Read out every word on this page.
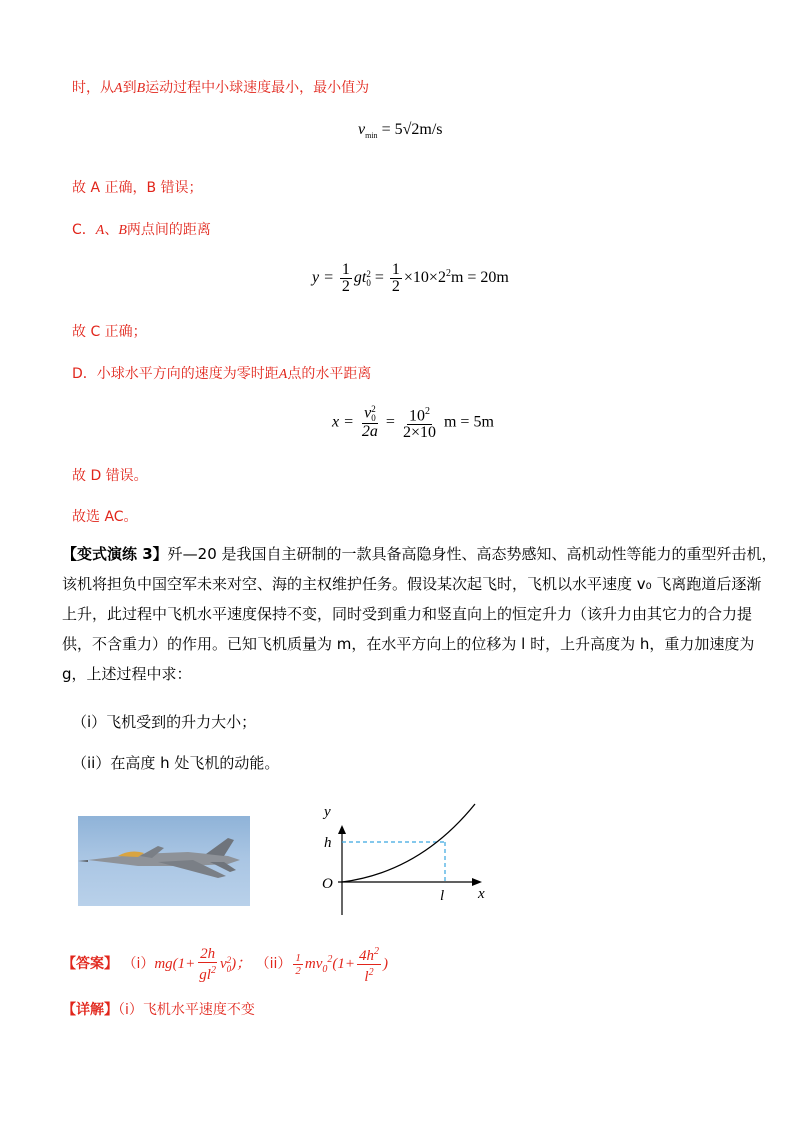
时，从A到B运动过程中小球速度最小，最小值为
$v_{min} = 5√2m/s$
故 A 正确，B 错误；
C．A、B两点间的距离
$y = \frac{1}{2}$ gt 2
$0 = \frac{1}{2} \times 10\times 2^2m = 20m$
故 C 正确；
D．小球水平方向的速度为零时距A点的水平距离
x = v 2
0
$2a = \frac{10^2}{2\times 10}$ m = 5m
故 D 错误。
故选 AC。
【变式演练 3】歼—20 是我国自主研制的一款具备高隐身性、高态势感知、高机动性等能力的重型歼击机，
该机将担负中国空军未来对空、海的主权维护任务。假设某次起飞时，飞机以水平速度 v₀ 飞离跑道后逐渐
上升，此过程中飞机水平速度保持不变，同时受到重力和竖直向上的恒定升力（该升力由其它力的合力提
供，不含重力）的作用。已知飞机质量为 m，在水平方向上的位移为 l 时，上升高度为 h，重力加速度为
g，上述过程中求：
（i）飞机受到的升力大小；
（ii）在高度 h 处飞机的动能。
y
h
O
l x
【答案】 $(i)mg(1+ \frac{2h}{gl^2}$ v 2
0 )； $(ii) \frac{1}{2} mv_0^2(1+ \frac{4h^2}{l^2}$ )
【详解】（i）飞机水平速度不变
